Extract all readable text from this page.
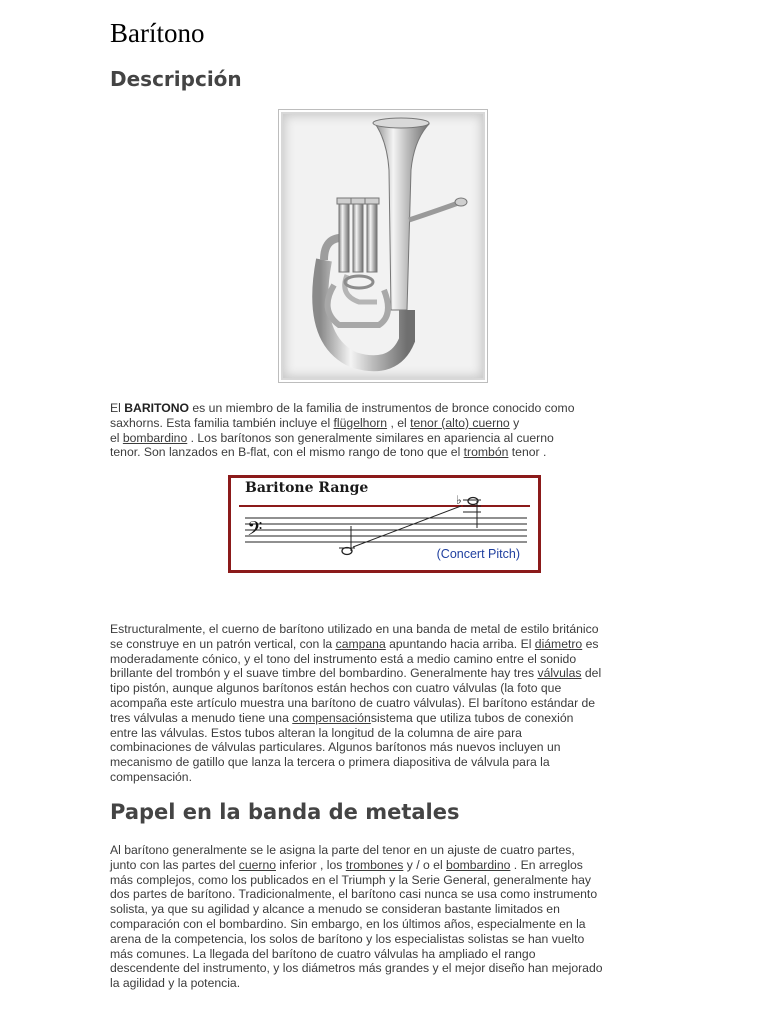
Barítono
Descripción
El BARITONO es un miembro de la familia de instrumentos de bronce conocido como
saxhorns. Esta familia también incluye el flügelhorn , el tenor (alto) cuerno y
el bombardino . Los barítonos son generalmente similares en apariencia al cuerno
tenor. Son lanzados en B-flat, con el mismo rango de tono que el trombón tenor .
Baritone Range
𝄢
♭
(Concert Pitch)
Estructuralmente, el cuerno de barítono utilizado en una banda de metal de estilo británico
se construye en un patrón vertical, con la campana apuntando hacia arriba. El diámetro es
moderadamente cónico, y el tono del instrumento está a medio camino entre el sonido
brillante del trombón y el suave timbre del bombardino. Generalmente hay tres válvulas del
tipo pistón, aunque algunos barítonos están hechos con cuatro válvulas (la foto que
acompaña este artículo muestra una barítono de cuatro válvulas). El barítono estándar de
tres válvulas a menudo tiene una compensaciónsistema que utiliza tubos de conexión
entre las válvulas. Estos tubos alteran la longitud de la columna de aire para
combinaciones de válvulas particulares. Algunos barítonos más nuevos incluyen un
mecanismo de gatillo que lanza la tercera o primera diapositiva de válvula para la
compensación.
Papel en la banda de metales
Al barítono generalmente se le asigna la parte del tenor en un ajuste de cuatro partes,
junto con las partes del cuerno inferior , los trombones y / o el bombardino . En arreglos
más complejos, como los publicados en el Triumph y la Serie General, generalmente hay
dos partes de barítono. Tradicionalmente, el barítono casi nunca se usa como instrumento
solista, ya que su agilidad y alcance a menudo se consideran bastante limitados en
comparación con el bombardino. Sin embargo, en los últimos años, especialmente en la
arena de la competencia, los solos de barítono y los especialistas solistas se han vuelto
más comunes. La llegada del barítono de cuatro válvulas ha ampliado el rango
descendente del instrumento, y los diámetros más grandes y el mejor diseño han mejorado
la agilidad y la potencia.
